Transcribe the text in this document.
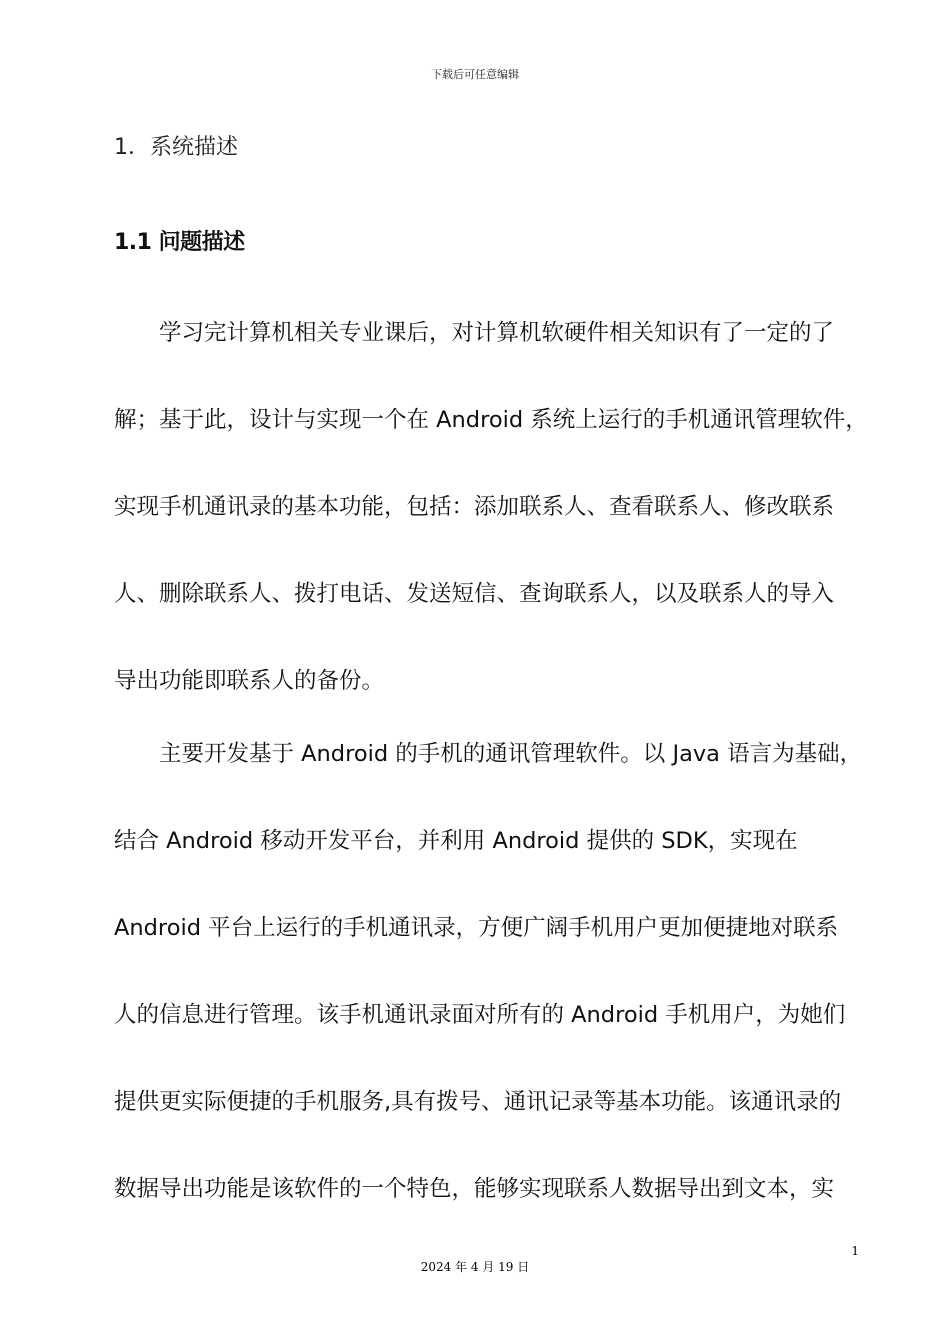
下载后可任意编辑
1．系统描述
1.1 问题描述
　　学习完计算机相关专业课后，对计算机软硬件相关知识有了一定的了
解；基于此，设计与实现一个在 Android 系统上运行的手机通讯管理软件，
实现手机通讯录的基本功能，包括：添加联系人、查看联系人、修改联系
人、删除联系人、拨打电话、发送短信、查询联系人，以及联系人的导入
导出功能即联系人的备份。
　　主要开发基于 Android 的手机的通讯管理软件。以 Java 语言为基础，
结合 Android 移动开发平台，并利用 Android 提供的 SDK，实现在
Android 平台上运行的手机通讯录，方便广阔手机用户更加便捷地对联系
人的信息进行管理。该手机通讯录面对所有的 Android 手机用户，为她们
提供更实际便捷的手机服务,具有拨号、通讯记录等基本功能。该通讯录的
数据导出功能是该软件的一个特色，能够实现联系人数据导出到文本，实
1
2024 年 4 月 19 日
